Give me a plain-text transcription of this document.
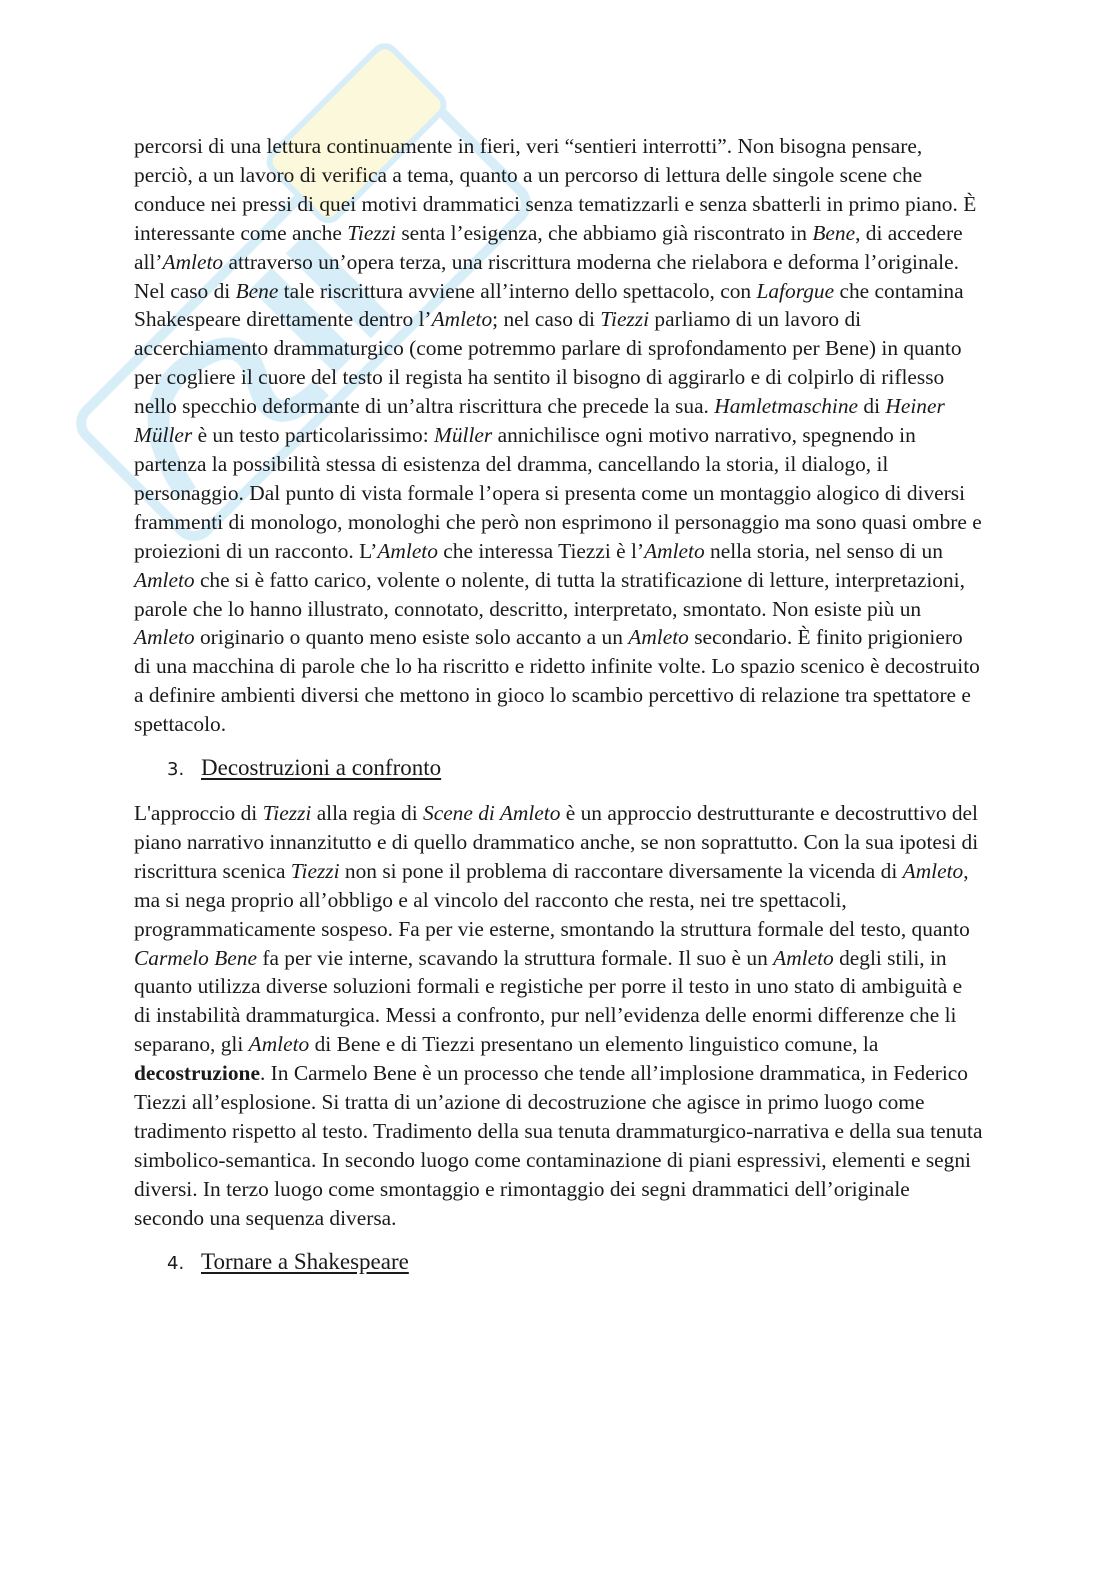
percorsi di una lettura continuamente in fieri, veri “sentieri interrotti”. Non bisogna pensare, perciò, a un lavoro di verifica a tema, quanto a un percorso di lettura delle singole scene che conduce nei pressi di quei motivi drammatici senza tematizzarli e senza sbatterli in primo piano. È interessante come anche Tiezzi senta l’esigenza, che abbiamo già riscontrato in Bene, di accedere all’Amleto attraverso un’opera terza, una riscrittura moderna che rielabora e deforma l’originale. Nel caso di Bene tale riscrittura avviene all’interno dello spettacolo, con Laforgue che contamina Shakespeare direttamente dentro l’Amleto; nel caso di Tiezzi parliamo di un lavoro di accerchiamento drammaturgico (come potremmo parlare di sprofondamento per Bene) in quanto per cogliere il cuore del testo il regista ha sentito il bisogno di aggirarlo e di colpirlo di riflesso nello specchio deformante di un’altra riscrittura che precede la sua. Hamletmaschine di Heiner Müller è un testo particolarissimo: Müller annichilisce ogni motivo narrativo, spegnendo in partenza la possibilità stessa di esistenza del dramma, cancellando la storia, il dialogo, il personaggio. Dal punto di vista formale l’opera si presenta come un montaggio alogico di diversi frammenti di monologo, monologhi che però non esprimono il personaggio ma sono quasi ombre e proiezioni di un racconto. L’Amleto che interessa Tiezzi è l’Amleto nella storia, nel senso di un Amleto che si è fatto carico, volente o nolente, di tutta la stratificazione di letture, interpretazioni, parole che lo hanno illustrato, connotato, descritto, interpretato, smontato. Non esiste più un Amleto originario o quanto meno esiste solo accanto a un Amleto secondario. È finito prigioniero di una macchina di parole che lo ha riscritto e ridetto infinite volte. Lo spazio scenico è decostruito a definire ambienti diversi che mettono in gioco lo scambio percettivo di relazione tra spettatore e spettacolo.

3. Decostruzioni a confronto

L'approccio di Tiezzi alla regia di Scene di Amleto è un approccio destrutturante e decostruttivo del piano narrativo innanzitutto e di quello drammatico anche, se non soprattutto. Con la sua ipotesi di riscrittura scenica Tiezzi non si pone il problema di raccontare diversamente la vicenda di Amleto, ma si nega proprio all’obbligo e al vincolo del racconto che resta, nei tre spettacoli, programmaticamente sospeso. Fa per vie esterne, smontando la struttura formale del testo, quanto Carmelo Bene fa per vie interne, scavando la struttura formale. Il suo è un Amleto degli stili, in quanto utilizza diverse soluzioni formali e registiche per porre il testo in uno stato di ambiguità e di instabilità drammaturgica. Messi a confronto, pur nell’evidenza delle enormi differenze che li separano, gli Amleto di Bene e di Tiezzi presentano un elemento linguistico comune, la decostruzione. In Carmelo Bene è un processo che tende all’implosione drammatica, in Federico Tiezzi all’esplosione. Si tratta di un’azione di decostruzione che agisce in primo luogo come tradimento rispetto al testo. Tradimento della sua tenuta drammaturgico-narrativa e della sua tenuta simbolico-semantica. In secondo luogo come contaminazione di piani espressivi, elementi e segni diversi. In terzo luogo come smontaggio e rimontaggio dei segni drammatici dell’originale secondo una sequenza diversa.

4. Tornare a Shakespeare
